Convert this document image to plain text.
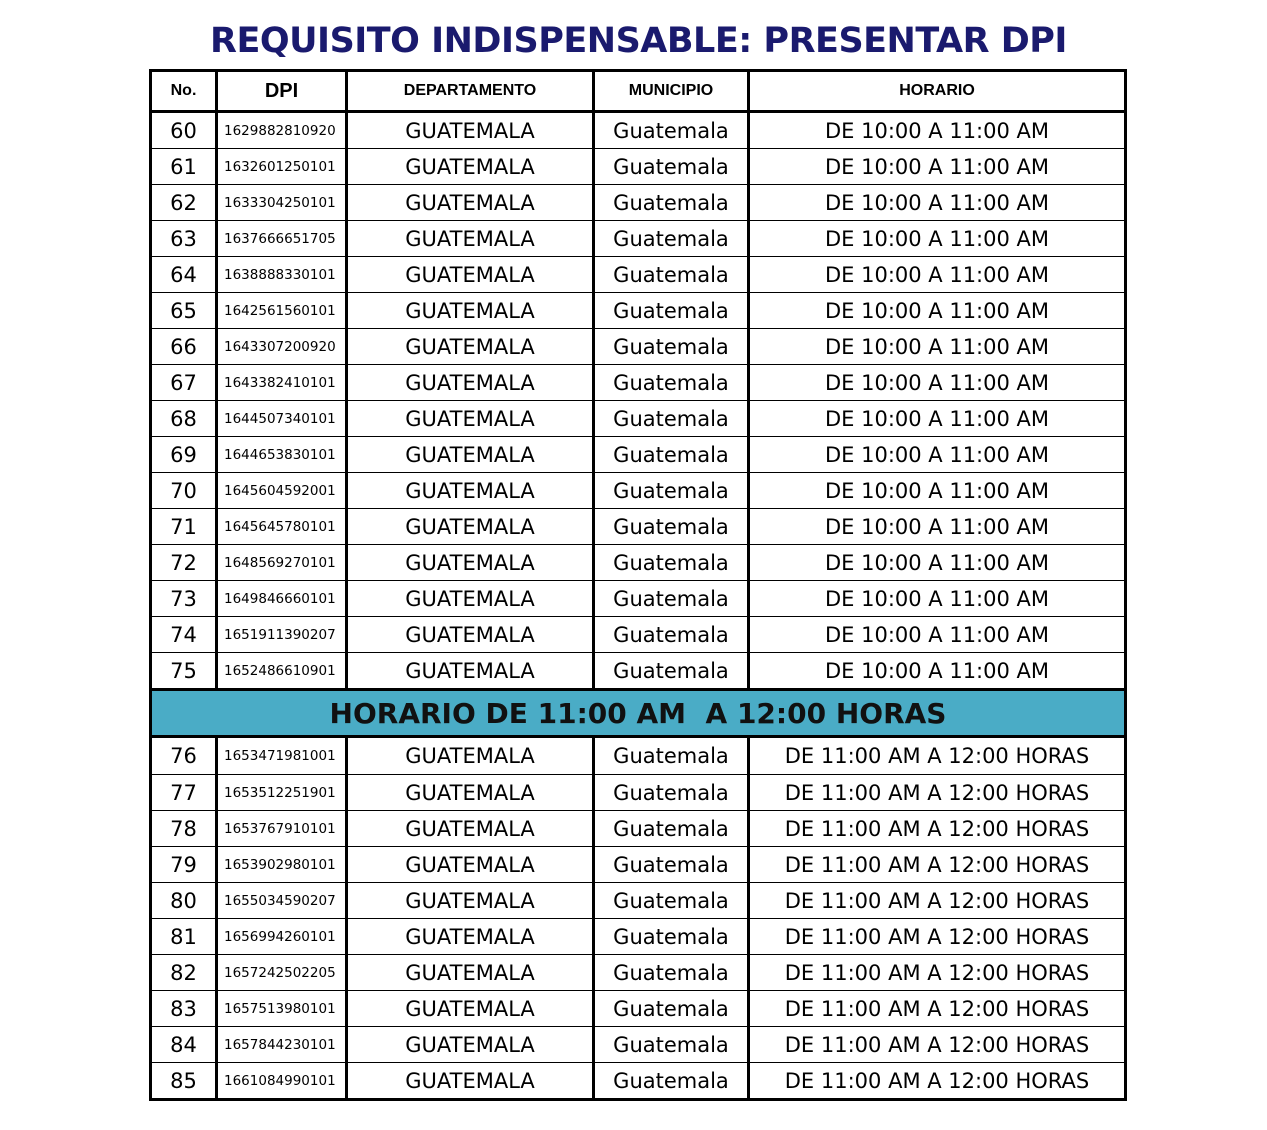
REQUISITO INDISPENSABLE: PRESENTAR DPI
No.	DPI	DEPARTAMENTO	MUNICIPIO	HORARIO
60	1629882810920	GUATEMALA	Guatemala	DE 10:00 A 11:00 AM
61	1632601250101	GUATEMALA	Guatemala	DE 10:00 A 11:00 AM
62	1633304250101	GUATEMALA	Guatemala	DE 10:00 A 11:00 AM
63	1637666651705	GUATEMALA	Guatemala	DE 10:00 A 11:00 AM
64	1638888330101	GUATEMALA	Guatemala	DE 10:00 A 11:00 AM
65	1642561560101	GUATEMALA	Guatemala	DE 10:00 A 11:00 AM
66	1643307200920	GUATEMALA	Guatemala	DE 10:00 A 11:00 AM
67	1643382410101	GUATEMALA	Guatemala	DE 10:00 A 11:00 AM
68	1644507340101	GUATEMALA	Guatemala	DE 10:00 A 11:00 AM
69	1644653830101	GUATEMALA	Guatemala	DE 10:00 A 11:00 AM
70	1645604592001	GUATEMALA	Guatemala	DE 10:00 A 11:00 AM
71	1645645780101	GUATEMALA	Guatemala	DE 10:00 A 11:00 AM
72	1648569270101	GUATEMALA	Guatemala	DE 10:00 A 11:00 AM
73	1649846660101	GUATEMALA	Guatemala	DE 10:00 A 11:00 AM
74	1651911390207	GUATEMALA	Guatemala	DE 10:00 A 11:00 AM
75	1652486610901	GUATEMALA	Guatemala	DE 10:00 A 11:00 AM
HORARIO DE 11:00 AM  A 12:00 HORAS
76	1653471981001	GUATEMALA	Guatemala	DE 11:00 AM A 12:00 HORAS
77	1653512251901	GUATEMALA	Guatemala	DE 11:00 AM A 12:00 HORAS
78	1653767910101	GUATEMALA	Guatemala	DE 11:00 AM A 12:00 HORAS
79	1653902980101	GUATEMALA	Guatemala	DE 11:00 AM A 12:00 HORAS
80	1655034590207	GUATEMALA	Guatemala	DE 11:00 AM A 12:00 HORAS
81	1656994260101	GUATEMALA	Guatemala	DE 11:00 AM A 12:00 HORAS
82	1657242502205	GUATEMALA	Guatemala	DE 11:00 AM A 12:00 HORAS
83	1657513980101	GUATEMALA	Guatemala	DE 11:00 AM A 12:00 HORAS
84	1657844230101	GUATEMALA	Guatemala	DE 11:00 AM A 12:00 HORAS
85	1661084990101	GUATEMALA	Guatemala	DE 11:00 AM A 12:00 HORAS
